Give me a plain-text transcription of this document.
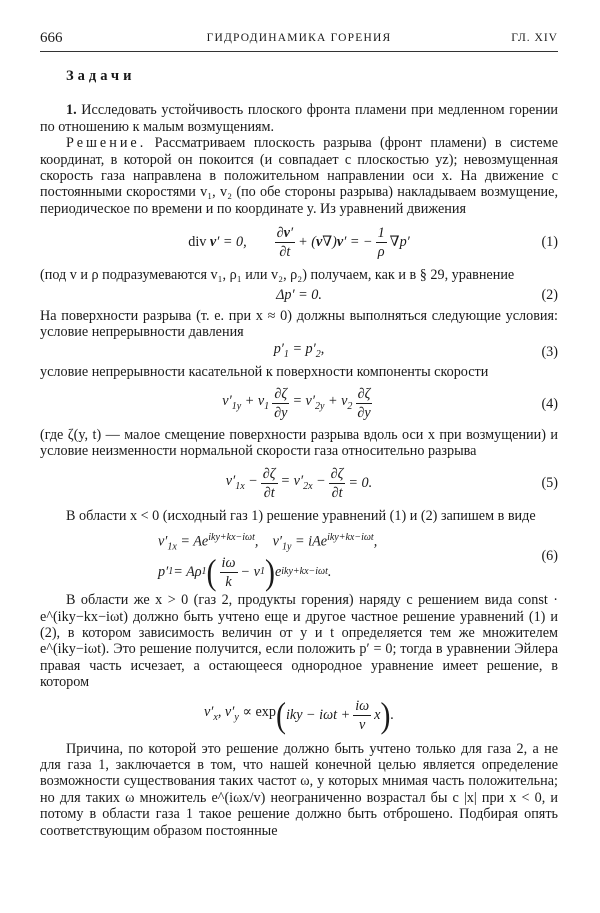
666	ГИДРОДИНАМИКА ГОРЕНИЯ	ГЛ. XIV
Задачи

1. Исследовать устойчивость плоского фронта пламени при медленном горении по отношению к малым возмущениям.

Решение. Рассматриваем плоскость разрыва (фронт пламени) в системе координат, в которой он покоится (и совпадает с плоскостью yz); невозмущенная скорость газа направлена в положительном направлении оси x. На движение с постоянными скоростями v₁, v₂ (по обе стороны разрыва) накладываем возмущение, периодическое по времени и по координате y. Из уравнений движения

div v′ = 0, $\frac{\partial v'}{\partial t} + (v\nabla)v'$ = − $\frac{1}{\rho} \nabla p'$	(1)

(под v и ρ подразумеваются v₁, ρ₁ или v₂, ρ₂) получаем, как и в § 29, уравнение

Δp′ = 0.	(2)

На поверхности разрыва (т. е. при x ≈ 0) должны выполняться следующие условия: условие непрерывности давления

$p'_1 = p'_2$,	(3)

условие непрерывности касательной к поверхности компоненты скорости

$v'_{1y} + v_1 \frac{\partial\zeta}{\partial y} = v'_{2y} + v_2 \frac{\partial\zeta}{\partial y}$	(4)

(где ζ(y, t) — малое смещение поверхности разрыва вдоль оси x при возмущении) и условие неизменности нормальной скорости газа относительно разрыва

$v'_{1x} - \frac{\partial\zeta}{\partial t} = v'_{2x} - \frac{\partial\zeta}{\partial t} = 0$.	(5)

В области x < 0 (исходный газ 1) решение уравнений (1) и (2) запишем в виде

$v'_{1x} = Ae^{iky+kx-i\omega t}$,    $v'_{1y} = iAe^{iky+kx-i\omega t}$,
p′ 1 = Aρ 1 ( $\frac{i\omega}{k} - v$ 1 ) e iky+kx−iωt .
(6)

В области же x > 0 (газ 2, продукты горения) наряду с решением вида const · e^(iky−kx−iωt) должно быть учтено еще и другое частное решение уравнений (1) и (2), в котором зависимость величин от y и t определяется тем же множителем e^(iky−iωt). Это решение получится, если положить p′ = 0; тогда в уравнении Эйлера правая часть исчезает, а остающееся однородное уравнение имеет решение, в котором

$v'_x$, $v'_y \propto \exp$ ( iky − $i\omega t + \frac{i\omega}{v}$ x ) .

Причина, по которой это решение должно быть учтено только для газа 2, а не для газа 1, заключается в том, что нашей конечной целью является определение возможности существования таких частот ω, у которых мнимая часть положительна; но для таких ω множитель e^(iωx/v) неограниченно возрастал бы с |x| при x < 0, и потому в области газа 1 такое решение должно быть отброшено. Подбирая опять соответствующим образом постоянные
